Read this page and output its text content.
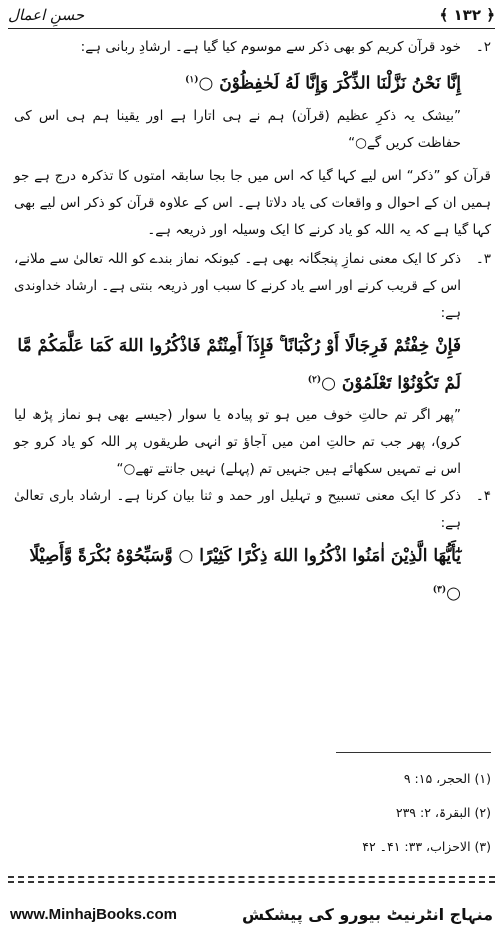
﴾ ۱۳۲ ﴿
حسنِ اعمال
۲۔
خود قرآن کریم کو بھی ذکر سے موسوم کیا گیا ہے۔ ارشادِ ربانی ہے:
إِنَّا نَحْنُ نَزَّلْنَا الذِّكْرَ وَإِنَّا لَهُ لَحٰفِظُوْنَ ○$^{(۱)}$
”بیشک یہ ذکرِ عظیم (قرآن) ہم نے ہی اتارا ہے اور یقینا ہم ہی اس کی حفاظت کریں گے○“
قرآن کو ”ذکر“ اس لیے کہا گیا کہ اس میں جا بجا سابقہ امتوں کا تذکرہ درج ہے جو ہمیں ان کے احوال و واقعات کی یاد دلاتا ہے۔ اس کے علاوہ قرآن کو ذکر اس لیے بھی کہا گیا ہے کہ یہ اللہ کو یاد کرنے کا ایک وسیلہ اور ذریعہ ہے۔
۳۔
ذکر کا ایک معنی نمازِ پنجگانہ بھی ہے۔ کیونکہ نماز بندے کو اللہ تعالیٰ سے ملانے، اس کے قریب کرنے اور اسے یاد کرنے کا سبب اور ذریعہ بنتی ہے۔ ارشاد خداوندی ہے:
فَإِنْ خِفْتُمْ فَرِجَالًا أَوْ رُكْبَانًا ۚ فَإِذَآ أَمِنْتُمْ فَاذْكُرُوا اللهَ كَمَا عَلَّمَكُمْ مَّا لَمْ تَكُوْنُوْا تَعْلَمُوْنَ ○$^{(۲)}$
”پھر اگر تم حالتِ خوف میں ہو تو پیادہ یا سوار (جیسے بھی ہو نماز پڑھ لیا کرو)، پھر جب تم حالتِ امن میں آجاؤ تو انہی طریقوں پر اللہ کو یاد کرو جو اس نے تمہیں سکھائے ہیں جنہیں تم (پہلے) نہیں جانتے تھے○“
۴۔
ذکر کا ایک معنی تسبیح و تہلیل اور حمد و ثنا بیان کرنا ہے۔ ارشاد باری تعالیٰ ہے:
يٰٓأَيُّهَا الَّذِيْنَ اٰمَنُوا اذْكُرُوا اللهَ ذِكْرًا كَثِيْرًا ○ وَّسَبِّحُوْهُ بُكْرَةً وَّأَصِيْلًا ○$^{(۳)}$
(۱) الحجر، ۱۵: ۹
(۲) البقرۃ، ۲: ۲۳۹
(۳) الاحزاب، ۳۳: ۴۱۔ ۴۲
www.MinhajBooks.com	منہاج انٹرنیٹ بیورو کی پیشکش
